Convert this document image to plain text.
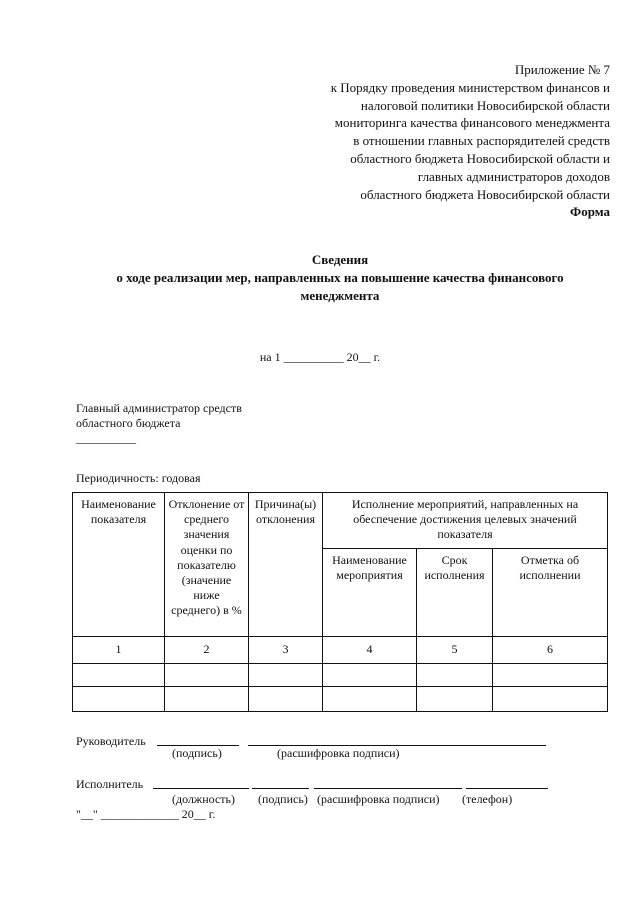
Приложение № 7
к Порядку проведения министерством финансов и
налоговой политики Новосибирской области
мониторинга качества финансового менеджмента
в отношении главных распорядителей средств
областного бюджета Новосибирской области и
главных администраторов доходов
областного бюджета Новосибирской области
Форма
Сведения
о ходе реализации мер, направленных на повышение качества финансового
менеджмента
на 1 __________ 20__ г.
Главный администратор средств
областного бюджета
__________
Периодичность: годовая
Наименование показателя	Отклонение от среднего значения оценки по показателю (значение ниже среднего) в %	Причина(ы) отклонения	Исполнение мероприятий, направленных на обеспечение достижения целевых значений показателя		
			Наименование мероприятия	Срок исполнения	Отметка об исполнении
1	2	3	4	5	6

Руководитель
(подпись)	(расшифровка подписи)
Исполнитель
(должность) (подпись) (расшифровка подписи) (телефон)
"__" _____________ 20__ г.
